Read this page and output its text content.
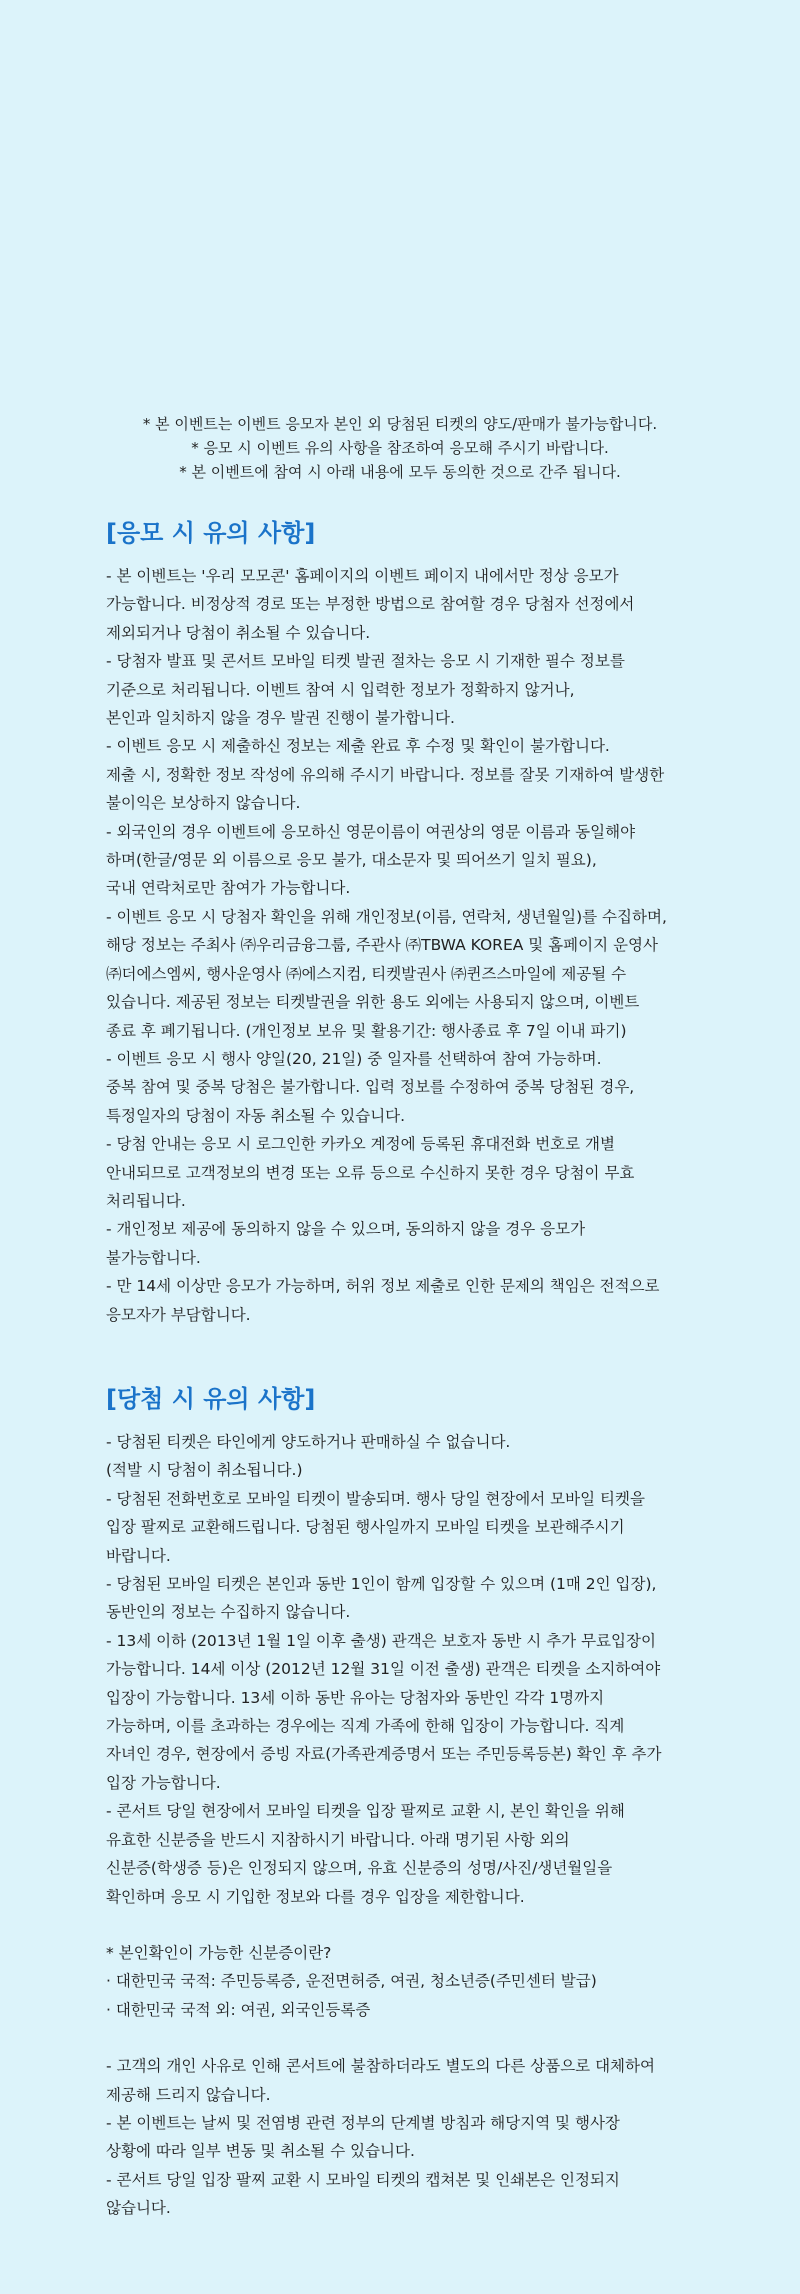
* 본 이벤트는 이벤트 응모자 본인 외 당첨된 티켓의 양도/판매가 불가능합니다.
* 응모 시 이벤트 유의 사항을 참조하여 응모해 주시기 바랍니다.
* 본 이벤트에 참여 시 아래 내용에 모두 동의한 것으로 간주 됩니다.
[응모 시 유의 사항]
- 본 이벤트는 '우리 모모콘' 홈페이지의 이벤트 페이지 내에서만 정상 응모가
가능합니다. 비정상적 경로 또는 부정한 방법으로 참여할 경우 당첨자 선정에서
제외되거나 당첨이 취소될 수 있습니다.
- 당첨자 발표 및 콘서트 모바일 티켓 발권 절차는 응모 시 기재한 필수 정보를
기준으로 처리됩니다. 이벤트 참여 시 입력한 정보가 정확하지 않거나,
본인과 일치하지 않을 경우 발권 진행이 불가합니다.
- 이벤트 응모 시 제출하신 정보는 제출 완료 후 수정 및 확인이 불가합니다.
제출 시, 정확한 정보 작성에 유의해 주시기 바랍니다. 정보를 잘못 기재하여 발생한
불이익은 보상하지 않습니다.
- 외국인의 경우 이벤트에 응모하신 영문이름이 여권상의 영문 이름과 동일해야
하며(한글/영문 외 이름으로 응모 불가, 대소문자 및 띄어쓰기 일치 필요),
국내 연락처로만 참여가 가능합니다.
- 이벤트 응모 시 당첨자 확인을 위해 개인정보(이름, 연락처, 생년월일)를 수집하며,
해당 정보는 주최사 ㈜우리금융그룹, 주관사 ㈜TBWA KOREA 및 홈페이지 운영사
㈜더에스엠씨, 행사운영사 ㈜에스지컴, 티켓발권사 ㈜퀸즈스마일에 제공될 수
있습니다. 제공된 정보는 티켓발권을 위한 용도 외에는 사용되지 않으며, 이벤트
종료 후 폐기됩니다. (개인정보 보유 및 활용기간: 행사종료 후 7일 이내 파기)
- 이벤트 응모 시 행사 양일(20, 21일) 중 일자를 선택하여 참여 가능하며.
중복 참여 및 중복 당첨은 불가합니다. 입력 정보를 수정하여 중복 당첨된 경우,
특정일자의 당첨이 자동 취소될 수 있습니다.
- 당첨 안내는 응모 시 로그인한 카카오 계정에 등록된 휴대전화 번호로 개별
안내되므로 고객정보의 변경 또는 오류 등으로 수신하지 못한 경우 당첨이 무효
처리됩니다.
- 개인정보 제공에 동의하지 않을 수 있으며, 동의하지 않을 경우 응모가
불가능합니다.
- 만 14세 이상만 응모가 가능하며, 허위 정보 제출로 인한 문제의 책임은 전적으로
응모자가 부담합니다.
[당첨 시 유의 사항]
- 당첨된 티켓은 타인에게 양도하거나 판매하실 수 없습니다.
(적발 시 당첨이 취소됩니다.)
- 당첨된 전화번호로 모바일 티켓이 발송되며. 행사 당일 현장에서 모바일 티켓을
입장 팔찌로 교환해드립니다. 당첨된 행사일까지 모바일 티켓을 보관해주시기
바랍니다.
- 당첨된 모바일 티켓은 본인과 동반 1인이 함께 입장할 수 있으며 (1매 2인 입장),
동반인의 정보는 수집하지 않습니다.
- 13세 이하 (2013년 1월 1일 이후 출생) 관객은 보호자 동반 시 추가 무료입장이
가능합니다. 14세 이상 (2012년 12월 31일 이전 출생) 관객은 티켓을 소지하여야
입장이 가능합니다. 13세 이하 동반 유아는 당첨자와 동반인 각각 1명까지
가능하며, 이를 초과하는 경우에는 직계 가족에 한해 입장이 가능합니다. 직계
자녀인 경우, 현장에서 증빙 자료(가족관계증명서 또는 주민등록등본) 확인 후 추가
입장 가능합니다.
- 콘서트 당일 현장에서 모바일 티켓을 입장 팔찌로 교환 시, 본인 확인을 위해
유효한 신분증을 반드시 지참하시기 바랍니다. 아래 명기된 사항 외의
신분증(학생증 등)은 인정되지 않으며, 유효 신분증의 성명/사진/생년월일을
확인하며 응모 시 기입한 정보와 다를 경우 입장을 제한합니다.
* 본인확인이 가능한 신분증이란?
· 대한민국 국적: 주민등록증, 운전면허증, 여권, 청소년증(주민센터 발급)
· 대한민국 국적 외: 여권, 외국인등록증
- 고객의 개인 사유로 인해 콘서트에 불참하더라도 별도의 다른 상품으로 대체하여
제공해 드리지 않습니다.
- 본 이벤트는 날씨 및 전염병 관련 정부의 단계별 방침과 해당지역 및 행사장
상황에 따라 일부 변동 및 취소될 수 있습니다.
- 콘서트 당일 입장 팔찌 교환 시 모바일 티켓의 캡쳐본 및 인쇄본은 인정되지
않습니다.
